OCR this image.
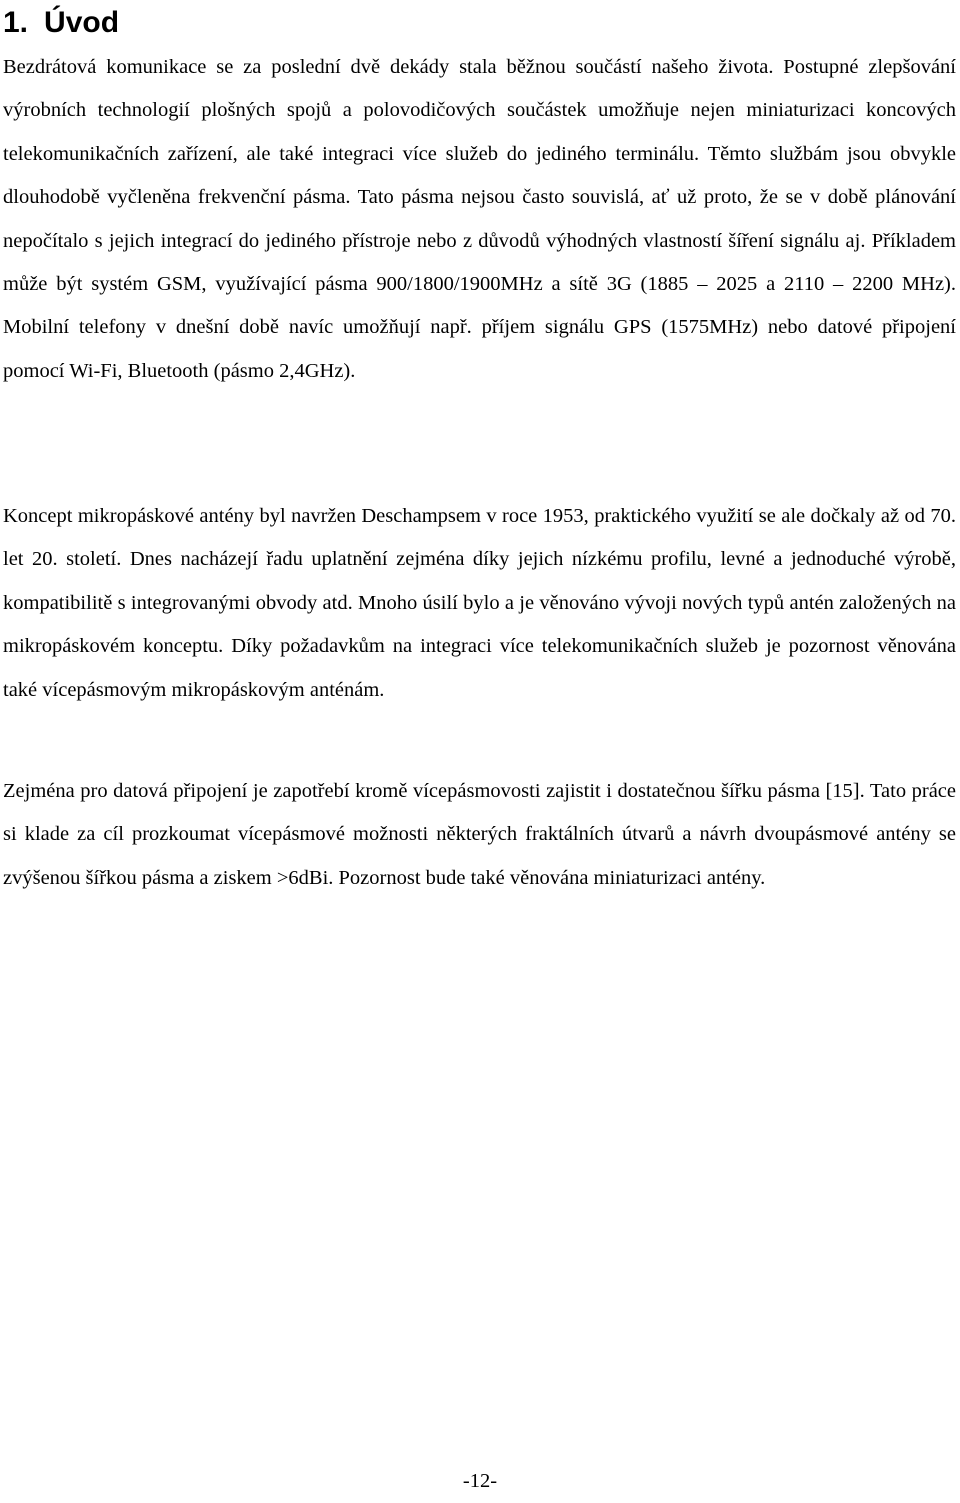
1. Úvod

Bezdrátová komunikace se za poslední dvě dekády stala běžnou součástí našeho života. Postupné zlepšování výrobních technologií plošných spojů a polovodičových součástek umožňuje nejen miniaturizaci koncových telekomunikačních zařízení, ale také integraci více služeb do jediného terminálu. Těmto službám jsou obvykle dlouhodobě vyčleněna frekvenční pásma. Tato pásma nejsou často souvislá, ať už proto, že se v době plánování nepočítalo s jejich integrací do jediného přístroje nebo z důvodů výhodných vlastností šíření signálu aj. Příkladem může být systém GSM, využívající pásma 900/1800/1900MHz a sítě 3G (1885 – 2025 a 2110 – 2200 MHz). Mobilní telefony v dnešní době navíc umožňují např. příjem signálu GPS (1575MHz) nebo datové připojení pomocí Wi-Fi, Bluetooth (pásmo 2,4GHz).

Koncept mikropáskové antény byl navržen Deschampsem v roce 1953, praktického využití se ale dočkaly až od 70. let 20. století. Dnes nacházejí řadu uplatnění zejména díky jejich nízkému profilu, levné a jednoduché výrobě, kompatibilitě s integrovanými obvody atd. Mnoho úsilí bylo a je věnováno vývoji nových typů antén založených na mikropáskovém konceptu. Díky požadavkům na integraci více telekomunikačních služeb je pozornost věnována také vícepásmovým mikropáskovým anténám.

Zejména pro datová připojení je zapotřebí kromě vícepásmovosti zajistit i dostatečnou šířku pásma [15]. Tato práce si klade za cíl prozkoumat vícepásmové možnosti některých fraktálních útvarů a návrh dvoupásmové antény se zvýšenou šířkou pásma a ziskem >6dBi. Pozornost bude také věnována miniaturizaci antény.

-12-
